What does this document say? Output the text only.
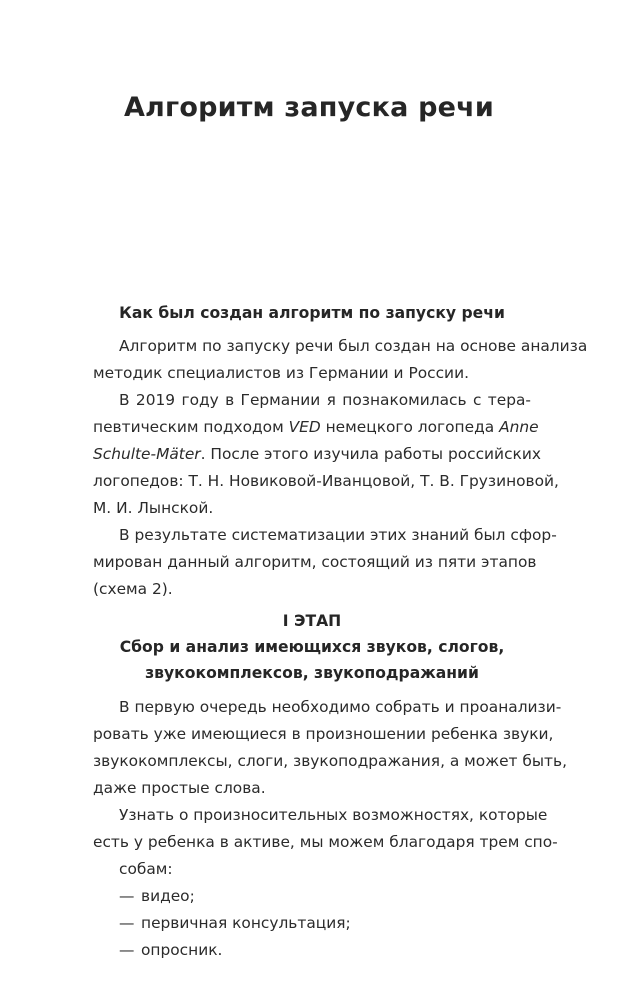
Алгоритм запуска речи
Как был создан алгоритм по запуску речи
Алгоритм по запуску речи был создан на основе анализа
методик специалистов из Германии и России.
В 2019 году в Германии я познакомилась с тера-
певтическим подходом VED немецкого логопеда Anne
Schulte-Mäter. После этого изучила работы российских
логопедов: Т. Н. Новиковой-Иванцовой, Т. В. Грузиновой,
М. И. Лынской.
В результате систематизации этих знаний был сфор-
мирован данный алгоритм, состоящий из пяти этапов
(схема 2).
I ЭТАП
Сбор и анализ имеющихся звуков, слогов,
звукокомплексов, звукоподражаний
В первую очередь необходимо собрать и проанализи-
ровать уже имеющиеся в произношении ребенка звуки,
звукокомплексы, слоги, звукоподражания, а может быть,
даже простые слова.
Узнать о произносительных возможностях, которые
есть у ребенка в активе, мы можем благодаря трем спо-
собам:
— видео;
— первичная консультация;
— опросник.
